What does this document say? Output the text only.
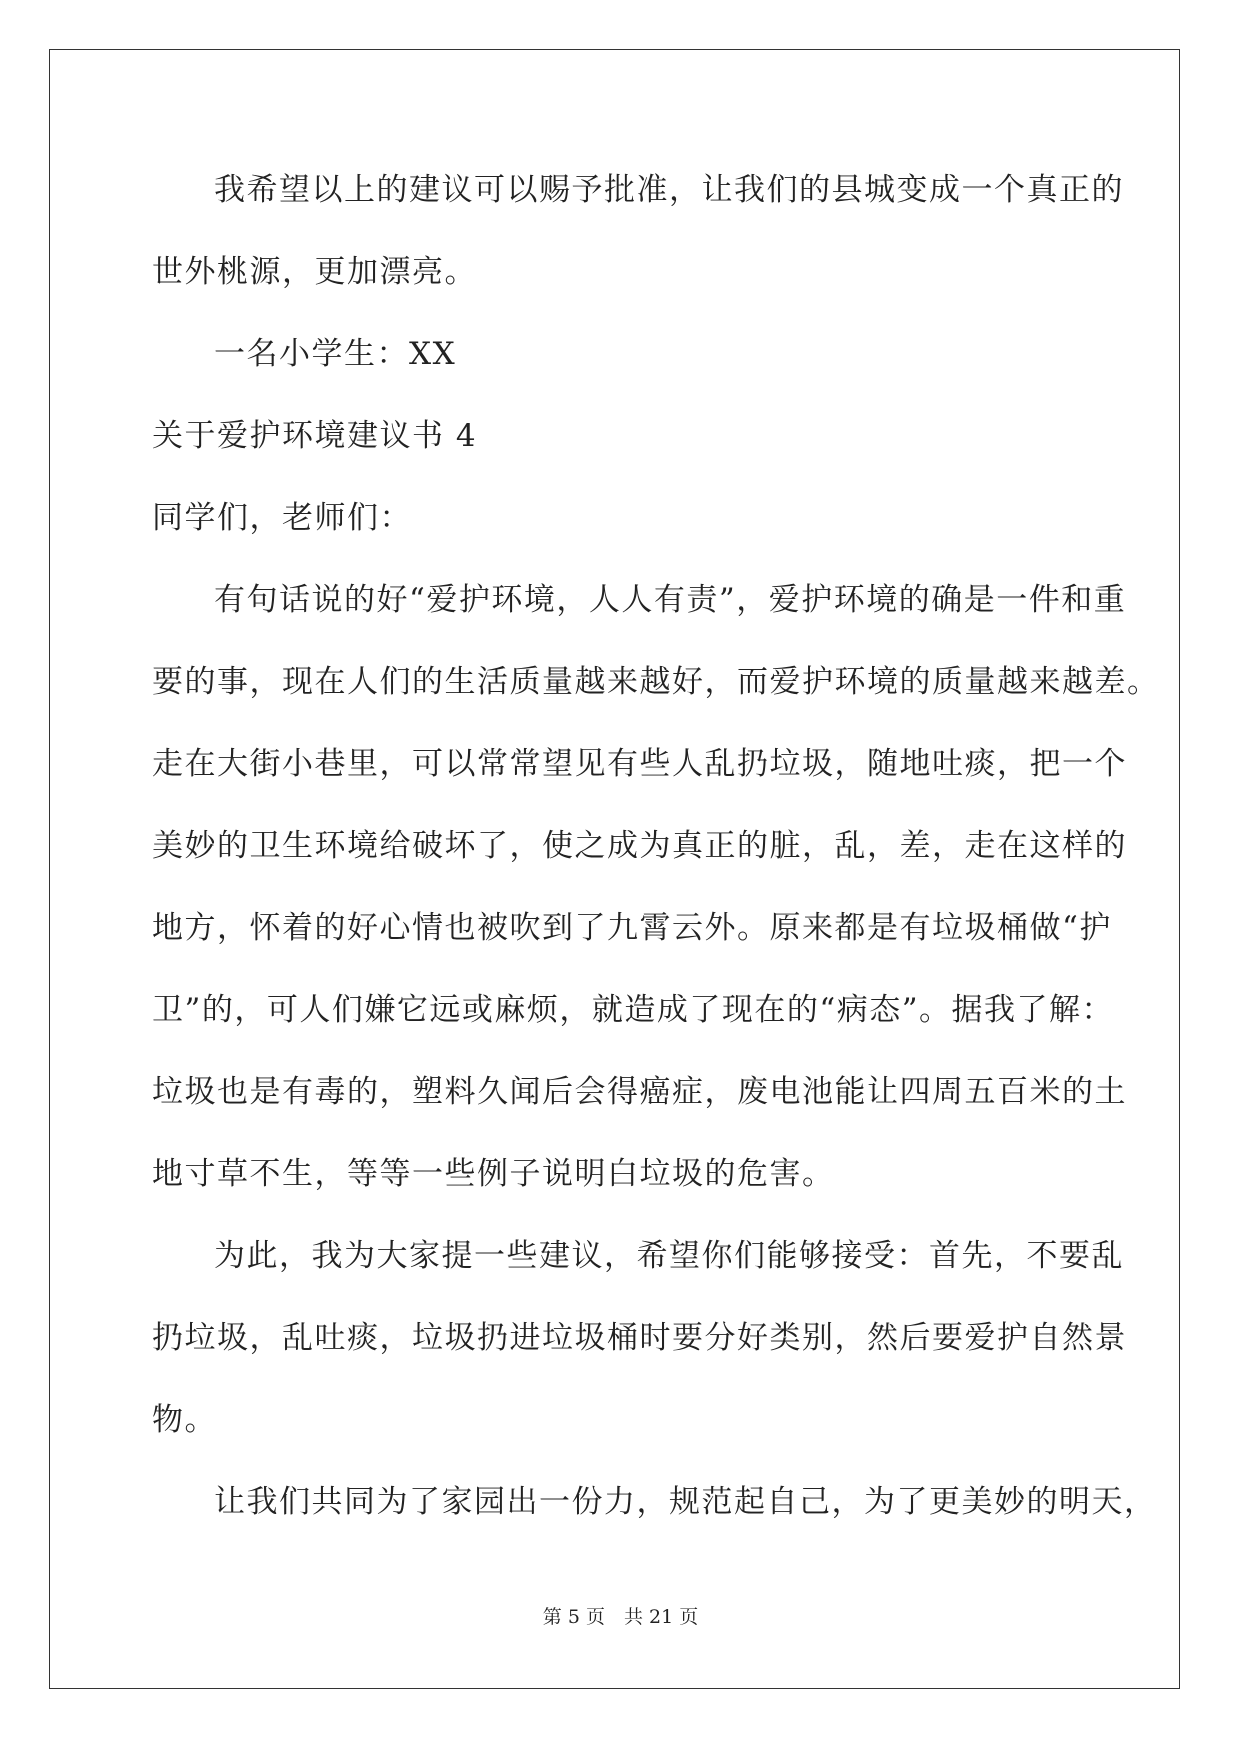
我希望以上的建议可以赐予批准，让我们的县城变成一个真正的
世外桃源，更加漂亮。
一名小学生：XX
关于爱护环境建议书 4
同学们，老师们：
有句话说的好“爱护环境，人人有责”，爱护环境的确是一件和重
要的事，现在人们的生活质量越来越好，而爱护环境的质量越来越差。
走在大街小巷里，可以常常望见有些人乱扔垃圾，随地吐痰，把一个
美妙的卫生环境给破坏了，使之成为真正的脏，乱，差，走在这样的
地方，怀着的好心情也被吹到了九霄云外。原来都是有垃圾桶做“护
卫”的，可人们嫌它远或麻烦，就造成了现在的“病态”。据我了解：
垃圾也是有毒的，塑料久闻后会得癌症，废电池能让四周五百米的土
地寸草不生，等等一些例子说明白垃圾的危害。
为此，我为大家提一些建议，希望你们能够接受：首先，不要乱
扔垃圾，乱吐痰，垃圾扔进垃圾桶时要分好类别，然后要爱护自然景
物。
让我们共同为了家园出一份力，规范起自己，为了更美妙的明天，
第 5 页　共 21 页
